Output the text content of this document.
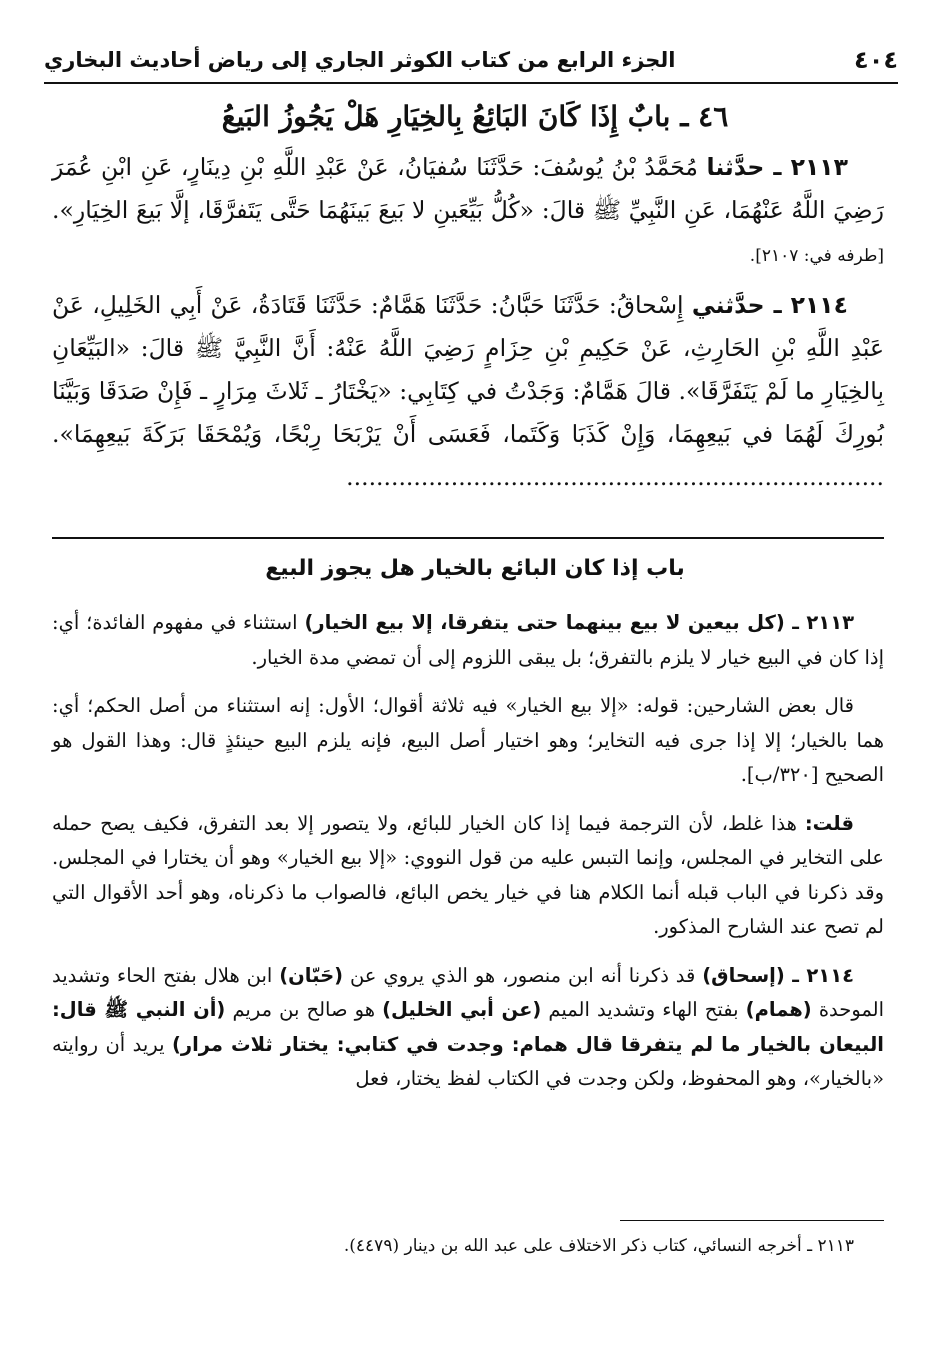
٤٠٤
الجزء الرابع من كتاب الكوثر الجاري إلى رياض أحاديث البخاري
٤٦ ـ بابٌ إِذَا كَانَ البَائِعُ بِالخِيَارِ هَلْ يَجُوزُ البَيعُ

٢١١٣ ـ حدَّثنا مُحَمَّدُ بْنُ يُوسُفَ: حَدَّثَنَا سُفيَانُ، عَنْ عَبْدِ اللَّهِ بْنِ دِينَارٍ، عَنِ ابْنِ عُمَرَ رَضِيَ اللَّهُ عَنْهُمَا، عَنِ النَّبِيِّ ﷺ قالَ: «كُلُّ بَيِّعَينِ لا بَيعَ بَينَهُمَا حَتَّى يَتَفرَّقَا، إلَّا بَيعَ الخِيَارِ». [طرفه في: ٢١٠٧].

٢١١٤ ـ حدَّثني إِسْحاقُ: حَدَّثَنَا حَبَّانُ: حَدَّثَنَا هَمَّامٌ: حَدَّثَنَا قَتَادَةُ، عَنْ أَبِي الخَلِيلِ، عَنْ عَبْدِ اللَّهِ بْنِ الحَارِثِ، عَنْ حَكِيمِ بْنِ حِزَامٍ رَضِيَ اللَّهُ عَنْهُ: أَنَّ النَّبِيَّ ﷺ قالَ: «البَيِّعَانِ بِالخِيَارِ ما لَمْ يَتَفَرَّقَا». قالَ هَمَّامٌ: وَجَدْتُ في كِتَابِي: «يَخْتَارُ ـ ثَلاثَ مِرَارٍ ـ فَإِنْ صَدَقَا وَبَيَّنَا بُورِكَ لَهُمَا في بَيعِهِمَا، وَإِنْ كَذَبَا وَكَتَما، فَعَسَى أَنْ يَرْبَحَا رِبْحًا، وَيُمْحَقَا بَرَكَةَ بَيعِهِمَا». ........................................................................

باب إذا كان البائع بالخيار هل يجوز البيع

٢١١٣ ـ (كل بيعين لا بيع بينهما حتى يتفرقا، إلا بيع الخيار) استثناء في مفهوم الفائدة؛ أي: إذا كان في البيع خيار لا يلزم بالتفرق؛ بل يبقى اللزوم إلى أن تمضي مدة الخيار.

قال بعض الشارحين: قوله: «إلا بيع الخيار» فيه ثلاثة أقوال؛ الأول: إنه استثناء من أصل الحكم؛ أي: هما بالخيار؛ إلا إذا جرى فيه التخاير؛ وهو اختيار أصل البيع، فإنه يلزم البيع حينئذٍ قال: وهذا القول هو الصحيح [٣٢٠/ب].

قلت: هذا غلط، لأن الترجمة فيما إذا كان الخيار للبائع، ولا يتصور إلا بعد التفرق، فكيف يصح حمله على التخاير في المجلس، وإنما التبس عليه من قول النووي: «إلا بيع الخيار» وهو أن يختارا في المجلس. وقد ذكرنا في الباب قبله أنما الكلام هنا في خيار يخص البائع، فالصواب ما ذكرناه، وهو أحد الأقوال التي لم تصح عند الشارح المذكور.

٢١١٤ ـ (إسحاق) قد ذكرنا أنه ابن منصور، هو الذي يروي عن (حَبّان) ابن هلال بفتح الحاء وتشديد الموحدة (همام) بفتح الهاء وتشديد الميم (عن أبي الخليل) هو صالح بن مريم (أن النبي ﷺ قال: البيعان بالخيار ما لم يتفرقا قال همام: وجدت في كتابي: يختار ثلاث مرار) يريد أن روايته «بالخيار»، وهو المحفوظ، ولكن وجدت في الكتاب لفظ يختار، فعل

٢١١٣ ـ أخرجه النسائي، كتاب ذكر الاختلاف على عبد الله بن دينار (٤٤٧٩).
